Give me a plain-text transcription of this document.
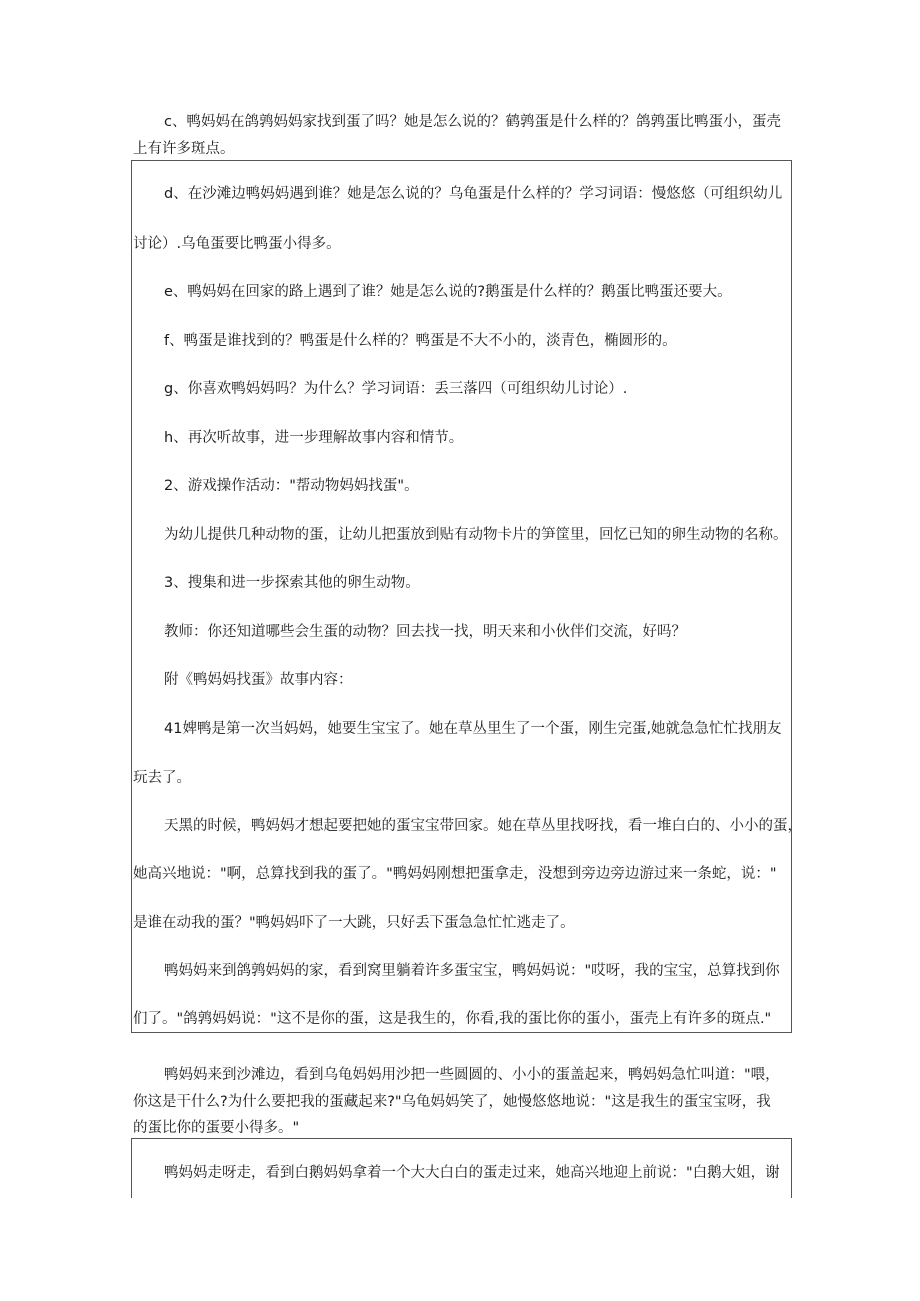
c、鸭妈妈在鸽鹑妈妈家找到蛋了吗？她是怎么说的？鹤鹑蛋是什么样的？鸽鹑蛋比鸭蛋小，蛋壳

上有许多斑点。

d、在沙滩边鸭妈妈遇到谁？她是怎么说的？乌龟蛋是什么样的？学习词语：慢悠悠（可组织幼儿

讨论）.乌龟蛋要比鸭蛋小得多。

e、鸭妈妈在回家的路上遇到了谁？她是怎么说的?鹅蛋是什么样的？鹅蛋比鸭蛋还要大。

f、鸭蛋是谁找到的？鸭蛋是什么样的？鸭蛋是不大不小的，淡青色，椭圆形的。

g、你喜欢鸭妈妈吗？为什么？学习词语：丢三落四（可组织幼儿讨论）.

h、再次听故事，进一步理解故事内容和情节。

2、游戏操作活动："帮动物妈妈找蛋"。

为幼儿提供几种动物的蛋，让幼儿把蛋放到贴有动物卡片的笋筐里，回忆已知的卵生动物的名称。

3、搜集和进一步探索其他的卵生动物。

教师：你还知道哪些会生蛋的动物？回去找一找，明天来和小伙伴们交流，好吗？

附《鸭妈妈找蛋》故事内容：

41婢鸭是第一次当妈妈，她要生宝宝了。她在草丛里生了一个蛋，刚生完蛋,她就急急忙忙找朋友

玩去了。

天黑的时候，鸭妈妈才想起要把她的蛋宝宝带回家。她在草丛里找呀找，看一堆白白的、小小的蛋，

她高兴地说："啊，总算找到我的蛋了。"鸭妈妈刚想把蛋拿走，没想到旁边旁边游过来一条蛇，说："

是谁在动我的蛋？"鸭妈妈吓了一大跳，只好丢下蛋急急忙忙逃走了。

鸭妈妈来到鸽鹑妈妈的家，看到窝里躺着许多蛋宝宝，鸭妈妈说："哎呀，我的宝宝，总算找到你

们了。"鸽鹑妈妈说："这不是你的蛋，这是我生的，你看,我的蛋比你的蛋小，蛋壳上有许多的斑点."

鸭妈妈来到沙滩边，看到乌龟妈妈用沙把一些圆圆的、小小的蛋盖起来，鸭妈妈急忙叫道："喂，

你这是干什么?为什么要把我的蛋藏起来?"乌龟妈妈笑了，她慢悠悠地说："这是我生的蛋宝宝呀，我

的蛋比你的蛋要小得多。"

鸭妈妈走呀走，看到白鹅妈妈拿着一个大大白白的蛋走过来，她高兴地迎上前说："白鹅大姐，谢
